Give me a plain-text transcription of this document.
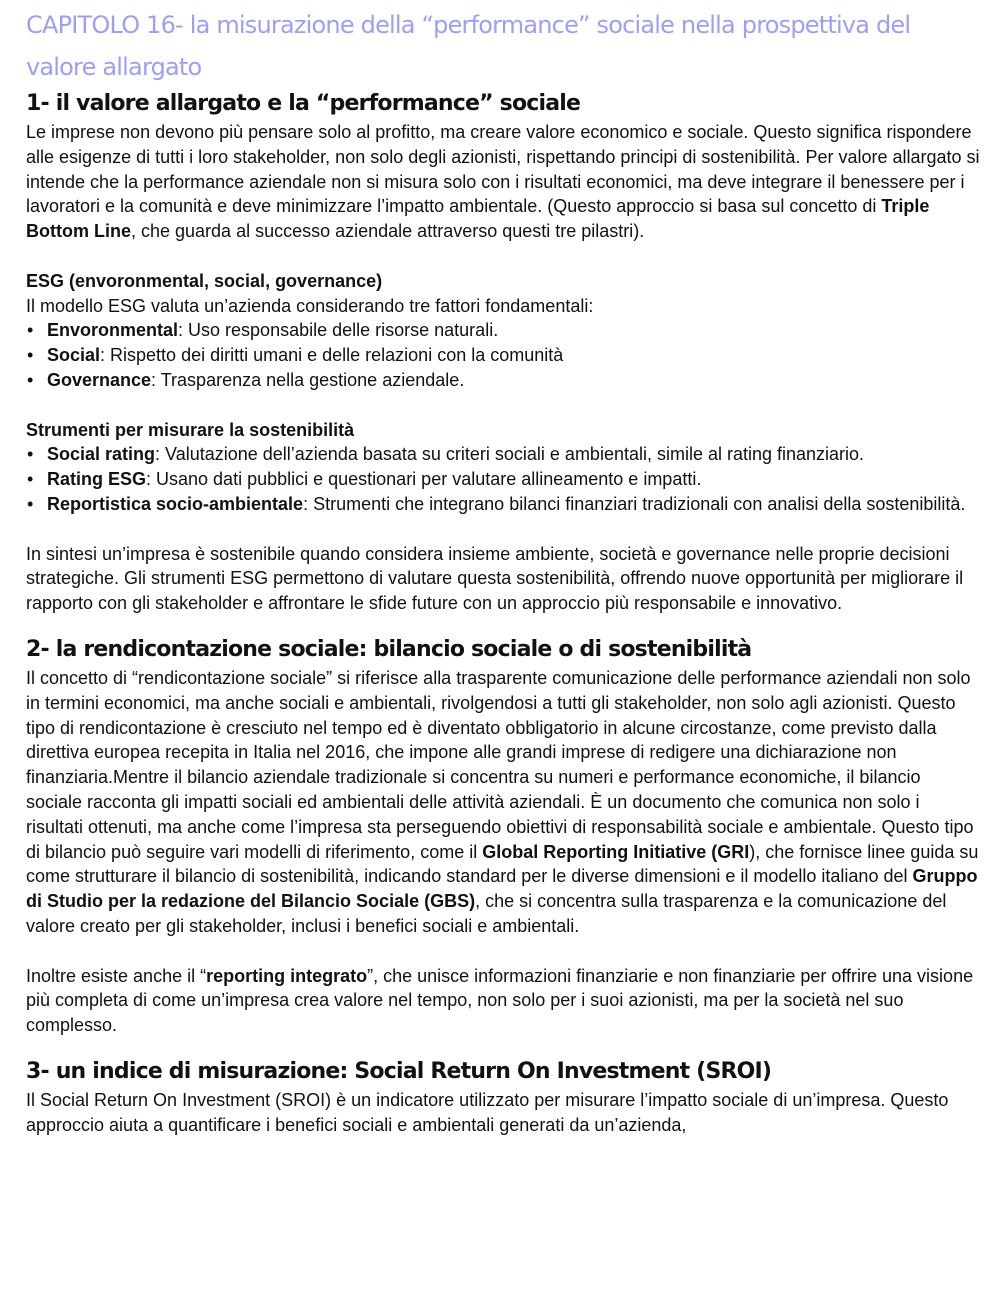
CAPITOLO 16- la misurazione della “performance” sociale nella prospettiva del valore allargato
1- il valore allargato e la “performance” sociale

Le imprese non devono più pensare solo al profitto, ma creare valore economico e sociale. Questo significa rispondere alle esigenze di tutti i loro stakeholder, non solo degli azionisti, rispettando principi di sostenibilità. Per valore allargato si intende che la performance aziendale non si misura solo con i risultati economici, ma deve integrare il benessere per i lavoratori e la comunità e deve minimizzare l’impatto ambientale. (Questo approccio si basa sul concetto di Triple Bottom Line, che guarda al successo aziendale attraverso questi tre pilastri).

ESG (envoronmental, social, governance)

Il modello ESG valuta un’azienda considerando tre fattori fondamentali:

• Envoronmental: Uso responsabile delle risorse naturali.
• Social: Rispetto dei diritti umani e delle relazioni con la comunità
• Governance: Trasparenza nella gestione aziendale.

Strumenti per misurare la sostenibilità

• Social rating: Valutazione dell’azienda basata su criteri sociali e ambientali, simile al rating finanziario.
• Rating ESG: Usano dati pubblici e questionari per valutare allineamento e impatti.
• Reportistica socio-ambientale: Strumenti che integrano bilanci finanziari tradizionali con analisi della sostenibilità.

In sintesi un’impresa è sostenibile quando considera insieme ambiente, società e governance nelle proprie decisioni strategiche. Gli strumenti ESG permettono di valutare questa sostenibilità, offrendo nuove opportunità per migliorare il rapporto con gli stakeholder e affrontare le sfide future con un approccio più responsabile e innovativo.

2- la rendicontazione sociale: bilancio sociale o di sostenibilità

Il concetto di “rendicontazione sociale” si riferisce alla trasparente comunicazione delle performance aziendali non solo in termini economici, ma anche sociali e ambientali, rivolgendosi a tutti gli stakeholder, non solo agli azionisti. Questo tipo di rendicontazione è cresciuto nel tempo ed è diventato obbligatorio in alcune circostanze, come previsto dalla direttiva europea recepita in Italia nel 2016, che impone alle grandi imprese di redigere una dichiarazione non finanziaria.Mentre il bilancio aziendale tradizionale si concentra su numeri e performance economiche, il bilancio sociale racconta gli impatti sociali ed ambientali delle attività aziendali. È un documento che comunica non solo i risultati ottenuti, ma anche come l’impresa sta perseguendo obiettivi di responsabilità sociale e ambientale. Questo tipo di bilancio può seguire vari modelli di riferimento, come il Global Reporting Initiative (GRI), che fornisce linee guida su come strutturare il bilancio di sostenibilità, indicando standard per le diverse dimensioni e il modello italiano del Gruppo di Studio per la redazione del Bilancio Sociale (GBS), che si concentra sulla trasparenza e la comunicazione del valore creato per gli stakeholder, inclusi i benefici sociali e ambientali.

Inoltre esiste anche il “reporting integrato”, che unisce informazioni finanziarie e non finanziarie per offrire una visione più completa di come un’impresa crea valore nel tempo, non solo per i suoi azionisti, ma per la società nel suo complesso.

3- un indice di misurazione: Social Return On Investment (SROI)

Il Social Return On Investment (SROI) è un indicatore utilizzato per misurare l’impatto sociale di un’impresa. Questo approccio aiuta a quantificare i benefici sociali e ambientali generati da un’azienda,
